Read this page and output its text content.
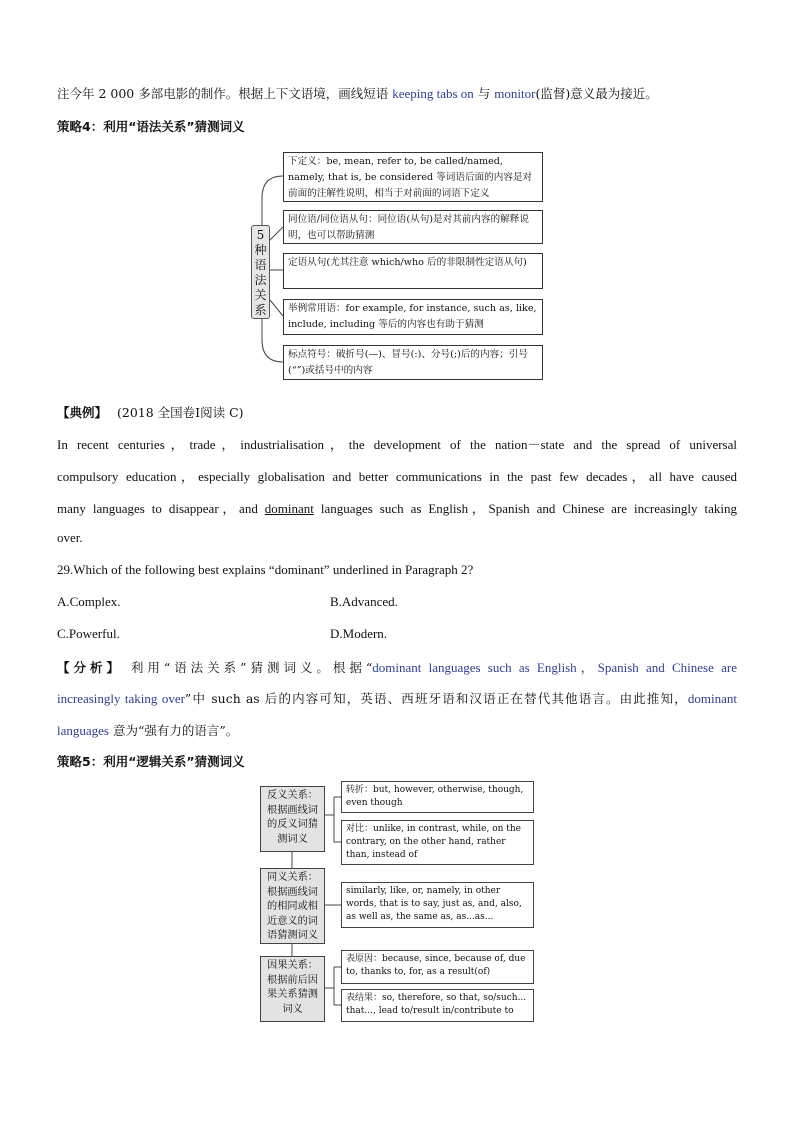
注今年 2 000 多部电影的制作。根据上下文语境，画线短语 keeping tabs on 与 monitor(监督)意义最为接近。
策略4：利用“语法关系”猜测词义
5种语法关系
下定义：be, mean, refer to, be called/named, namely, that is, be considered 等词语后面的内容是对前面的注解性说明，相当于对前面的词语下定义
同位语/同位语从句：同位语(从句)是对其前内容的解释说明，也可以帮助猜测
定语从句(尤其注意 which/who 后的非限制性定语从句)
举例常用语：for example, for instance, such as, like, include, including 等后的内容也有助于猜测
标点符号：破折号(—)、冒号(:)、分号(;)后的内容；引号(“”)或括号中的内容
【典例】 (2018 全国卷Ⅰ阅读 C)
In recent centuries，trade，industrialisation，the development of the nation－state and the spread of universal
compulsory education，especially globalisation and better communications in the past few decades，all have caused
many languages to disappear，and dominant languages such as English，Spanish and Chinese are increasingly taking
over.
29.Which of the following best explains “dominant” underlined in Paragraph 2?
A.Complex.	B.Advanced.
C.Powerful.	D.Modern.
【分析】 利用“语法关系”猜测词义。根据“dominant languages such as English，Spanish and Chinese are
increasingly taking over”中 such as 后的内容可知，英语、西班牙语和汉语正在替代其他语言。由此推知，dominant
languages 意为“强有力的语言”。
策略5：利用“逻辑关系”猜测词义
反义关系：根据画线词的反义词猜测词义
转折：but, however, otherwise, though, even though
对比：unlike, in contrast, while, on the contrary, on the other hand, rather than, instead of
同义关系：根据画线词的相同或相近意义的词语猜测词义
similarly, like, or, namely, in other words, that is to say, just as, and, also, as well as, the same as, as...as...
因果关系：根据前后因果关系猜测词义
表原因：because, since, because of, due to, thanks to, for, as a result(of)
表结果：so, therefore, so that, so/such... that..., lead to/result in/contribute to
